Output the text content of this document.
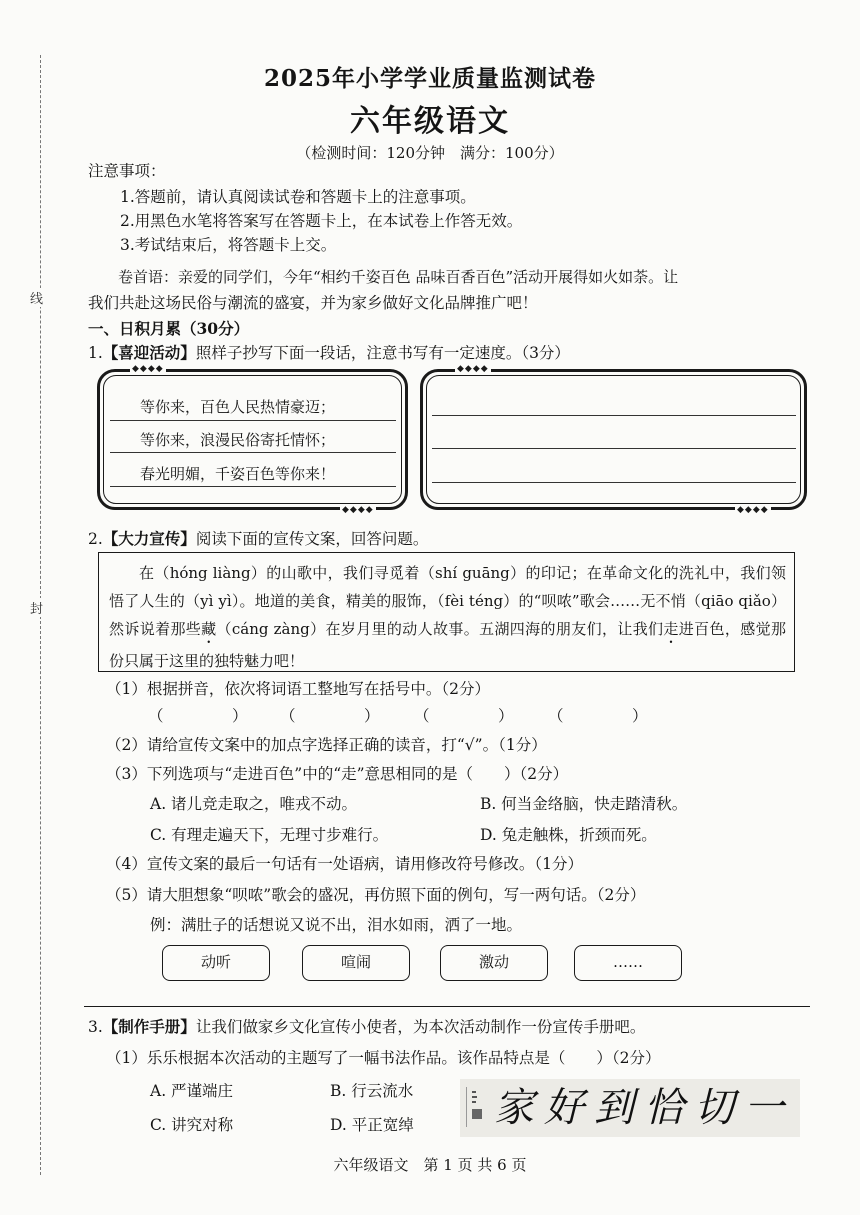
线
封
2025年小学学业质量监测试卷
六年级语文
（检测时间：120分钟　满分：100分）
注意事项：
1.答题前，请认真阅读试卷和答题卡上的注意事项。
2.用黑色水笔将答案写在答题卡上，在本试卷上作答无效。
3.考试结束后，将答题卡上交。
卷首语：亲爱的同学们，今年“相约千姿百色 品味百香百色”活动开展得如火如荼。让
我们共赴这场民俗与潮流的盛宴，并为家乡做好文化品牌推广吧！
一、日积月累（30分）
1.【喜迎活动】照样子抄写下面一段话，注意书写有一定速度。（3分）
◆◆◆◆
◆◆◆◆
等你来，百色人民热情豪迈；
等你来，浪漫民俗寄托情怀；
春光明媚，千姿百色等你来！
◆◆◆◆
◆◆◆◆
2.【大力宣传】阅读下面的宣传文案，回答问题。
在（hóng liàng）的山歌中，我们寻觅着（shí guāng）的印记；在革命文化的洗礼中，我们领悟了人生的（yì yì）。地道的美食，精美的服饰，（fèi téng）的“呗哝”歌会……无不悄（qiāo qiǎo）然诉说着那些藏（cáng zàng）在岁月里的动人故事。五湖四海的朋友们，让我们走进百色，感觉那份只属于这里的独特魅力吧！
（1）根据拼音，依次将词语工整地写在括号中。（2分）
（	） （	） （	） （	）
（2）请给宣传文案中的加点字选择正确的读音，打“√”。（1分）
（3）下列选项与“走进百色”中的“走”意思相同的是（　　）（2分）
A. 诸儿竞走取之，唯戎不动。	B. 何当金络脑，快走踏清秋。
C. 有理走遍天下，无理寸步难行。	D. 兔走触株，折颈而死。
（4）宣传文案的最后一句话有一处语病，请用修改符号修改。（1分）
（5）请大胆想象“呗哝”歌会的盛况，再仿照下面的例句，写一两句话。（2分）
例：满肚子的话想说又说不出，泪水如雨，洒了一地。
动听	喧闹	激动	……
3.【制作手册】让我们做家乡文化宣传小使者，为本次活动制作一份宣传手册吧。
（1）乐乐根据本次活动的主题写了一幅书法作品。该作品特点是（　　）（2分）
A. 严谨端庄	B. 行云流水
C. 讲究对称	D. 平正宽绰 家好到恰切一
六年级语文　第 1 页 共 6 页
